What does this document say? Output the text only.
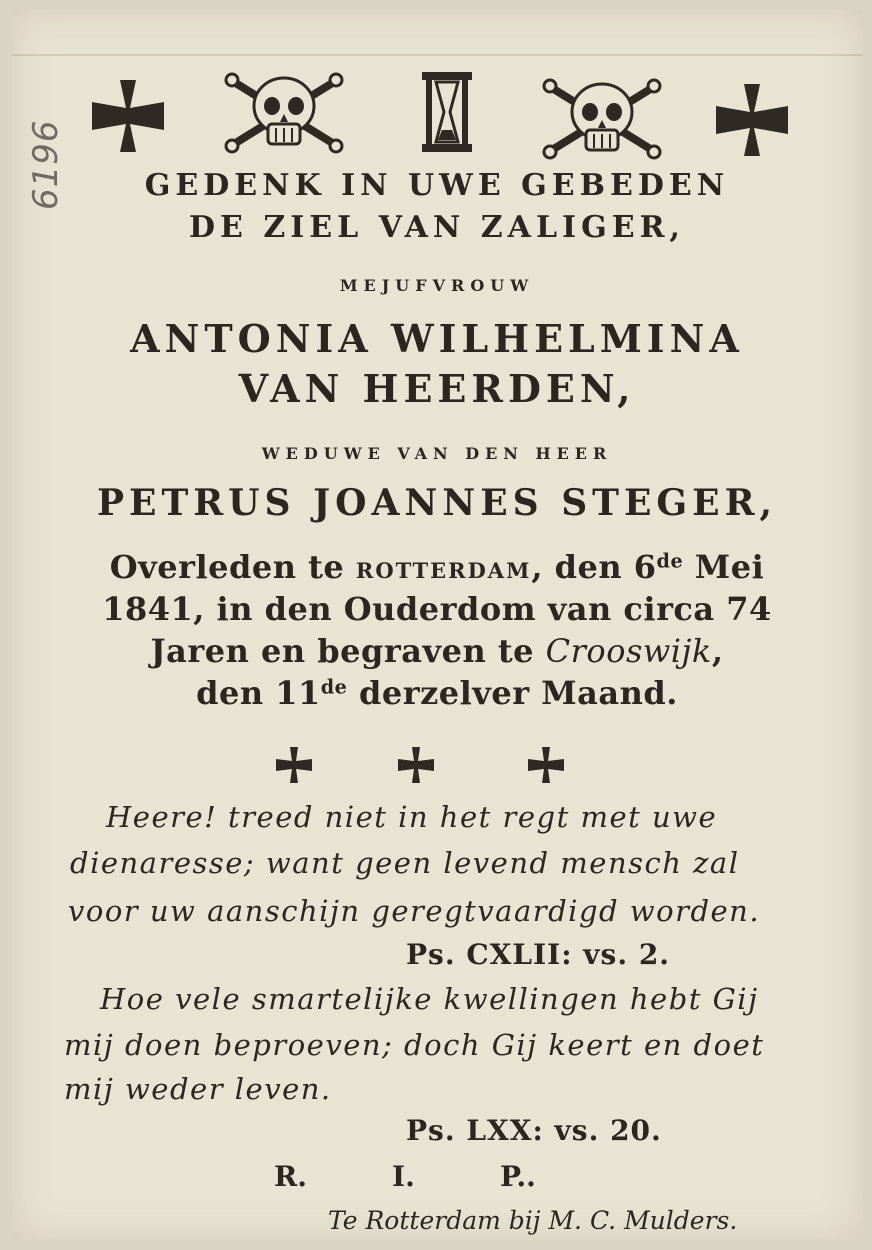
6196	GEDENK IN UWE GEBEDEN
DE ZIEL VAN ZALIGER,
MEJUFVROUW
ANTONIA WILHELMINA
VAN HEERDEN,
WEDUWE VAN DEN HEER
PETRUS JOANNES STEGER,
Overleden te ROTTERDAM, den 6de Mei
1841, in den Ouderdom van circa 74
Jaren en begraven te Crooswijk,
den 11de derzelver Maand.
Heere! treed niet in het regt met uwe
dienaresse; want geen levend mensch zal
voor uw aanschijn geregtvaardigd worden.
Ps. CXLII: vs. 2.
Hoe vele smartelijke kwellingen hebt Gij
mij doen beproeven; doch Gij keert en doet
mij weder leven.
Ps. LXX: vs. 20.
R.	I.	P..
Te Rotterdam bij M. C. Mulders.
